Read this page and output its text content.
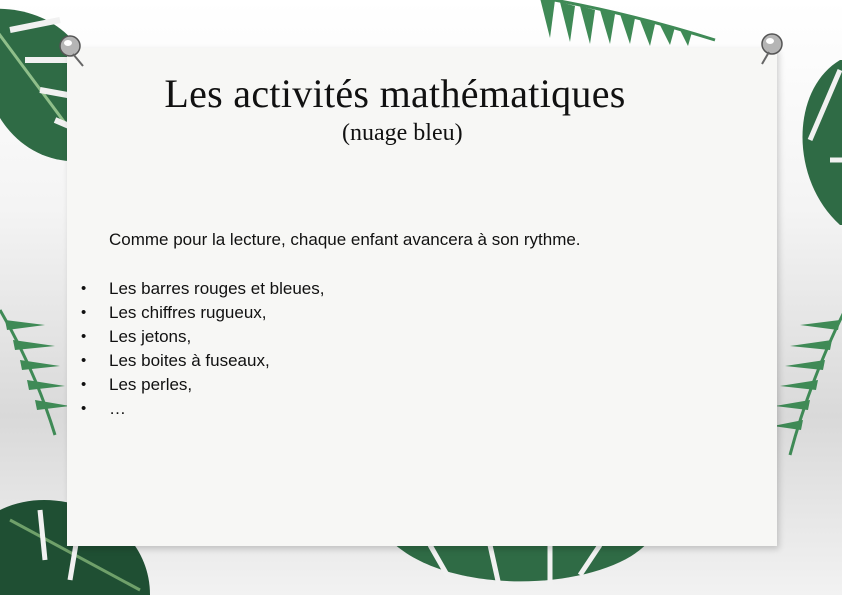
Les activités mathématiques
(nuage bleu)
Comme pour la lecture, chaque enfant avancera à son rythme.
• Les barres rouges et bleues,
• Les chiffres rugueux,
• Les jetons,
• Les boites à fuseaux,
• Les perles,
• …
